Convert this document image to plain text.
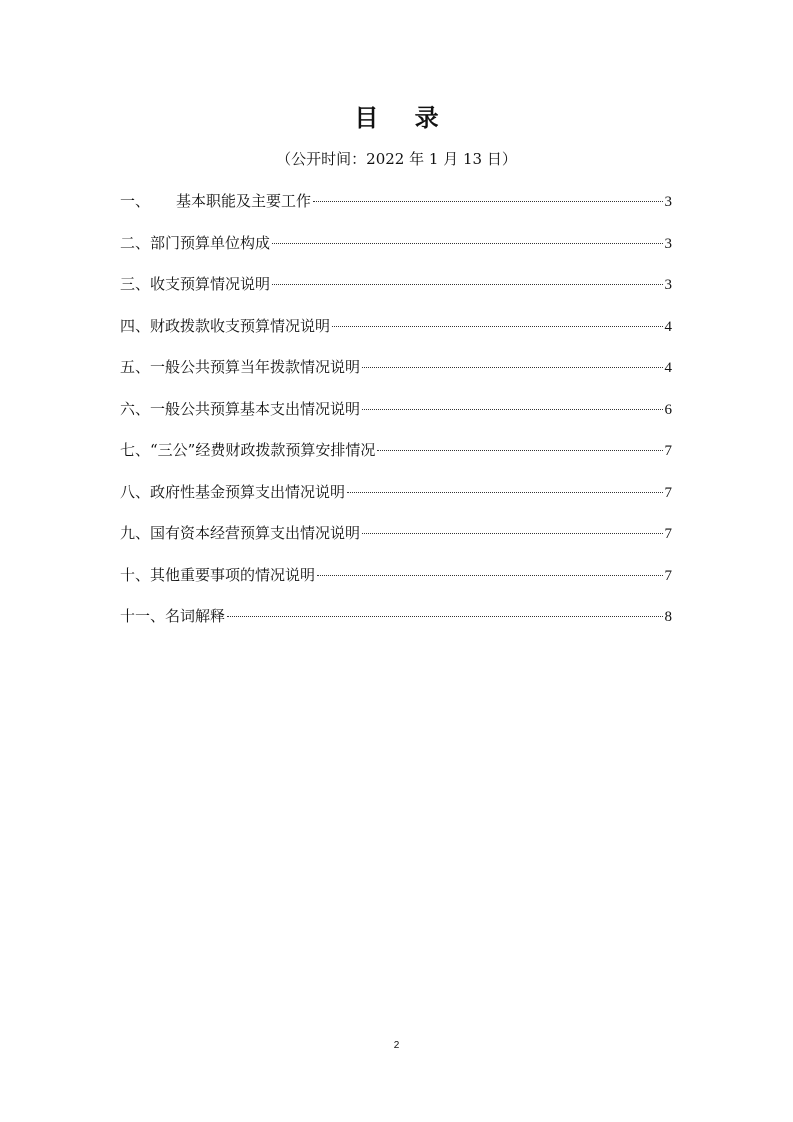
目 录
（公开时间：2022 年 1 月 13 日）
一、 基本职能及主要工作	3
二、部门预算单位构成	3
三、收支预算情况说明	3
四、财政拨款收支预算情况说明	4
五、一般公共预算当年拨款情况说明	4
六、一般公共预算基本支出情况说明	6
七、“三公”经费财政拨款预算安排情况	7
八、政府性基金预算支出情况说明	7
九、国有资本经营预算支出情况说明	7
十、其他重要事项的情况说明	7
十一、名词解释	8
2
